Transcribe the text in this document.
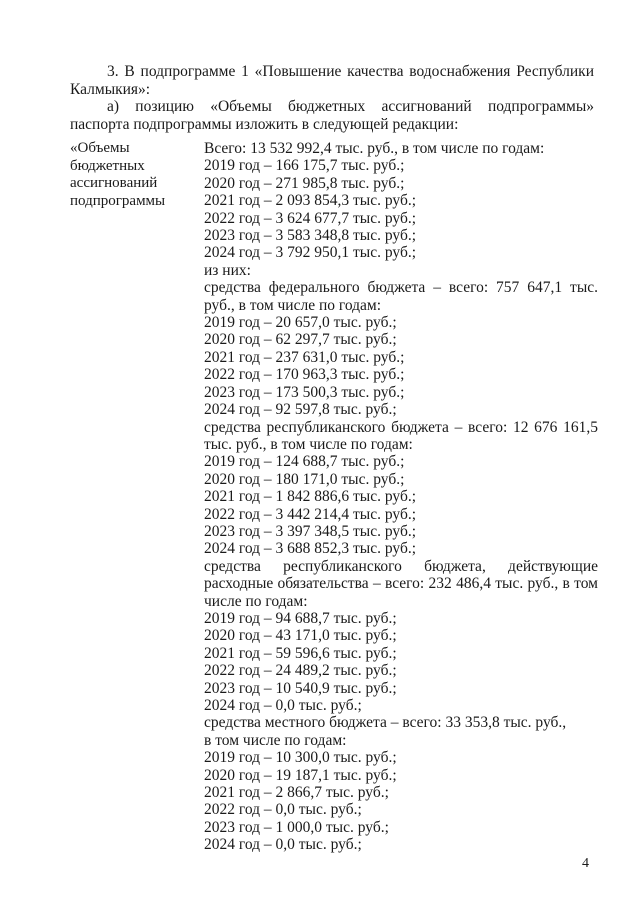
3. В подпрограмме 1 «Повышение качества водоснабжения Республики Калмыкия»:

а) позицию «Объемы бюджетных ассигнований подпрограммы» паспорта подпрограммы изложить в следующей редакции:

«Объемы
бюджетных
ассигнований
подпрограммы
Всего: 13 532 992,4 тыс. руб., в том числе по годам:
2019 год – 166 175,7 тыс. руб.;
2020 год – 271 985,8 тыс. руб.;
2021 год – 2 093 854,3 тыс. руб.;
2022 год – 3 624 677,7 тыс. руб.;
2023 год – 3 583 348,8 тыс. руб.;
2024 год – 3 792 950,1 тыс. руб.;
из них:
средства федерального бюджета – всего: 757 647,1 тыс. руб., в том числе по годам:
2019 год – 20 657,0 тыс. руб.;
2020 год – 62 297,7 тыс. руб.;
2021 год – 237 631,0 тыс. руб.;
2022 год – 170 963,3 тыс. руб.;
2023 год – 173 500,3 тыс. руб.;
2024 год – 92 597,8 тыс. руб.;
средства республиканского бюджета – всего: 12 676 161,5 тыс. руб., в том числе по годам:
2019 год – 124 688,7 тыс. руб.;
2020 год – 180 171,0 тыс. руб.;
2021 год – 1 842 886,6 тыс. руб.;
2022 год – 3 442 214,4 тыс. руб.;
2023 год – 3 397 348,5 тыс. руб.;
2024 год – 3 688 852,3 тыс. руб.;
средства республиканского бюджета, действующие расходные обязательства – всего: 232 486,4 тыс. руб., в том числе по годам:
2019 год – 94 688,7 тыс. руб.;
2020 год – 43 171,0 тыс. руб.;
2021 год – 59 596,6 тыс. руб.;
2022 год – 24 489,2 тыс. руб.;
2023 год – 10 540,9 тыс. руб.;
2024 год – 0,0 тыс. руб.;
средства местного бюджета – всего: 33 353,8 тыс. руб.,
в том числе по годам:
2019 год – 10 300,0 тыс. руб.;
2020 год – 19 187,1 тыс. руб.;
2021 год – 2 866,7 тыс. руб.;
2022 год – 0,0 тыс. руб.;
2023 год – 1 000,0 тыс. руб.;
2024 год – 0,0 тыс. руб.;
4
